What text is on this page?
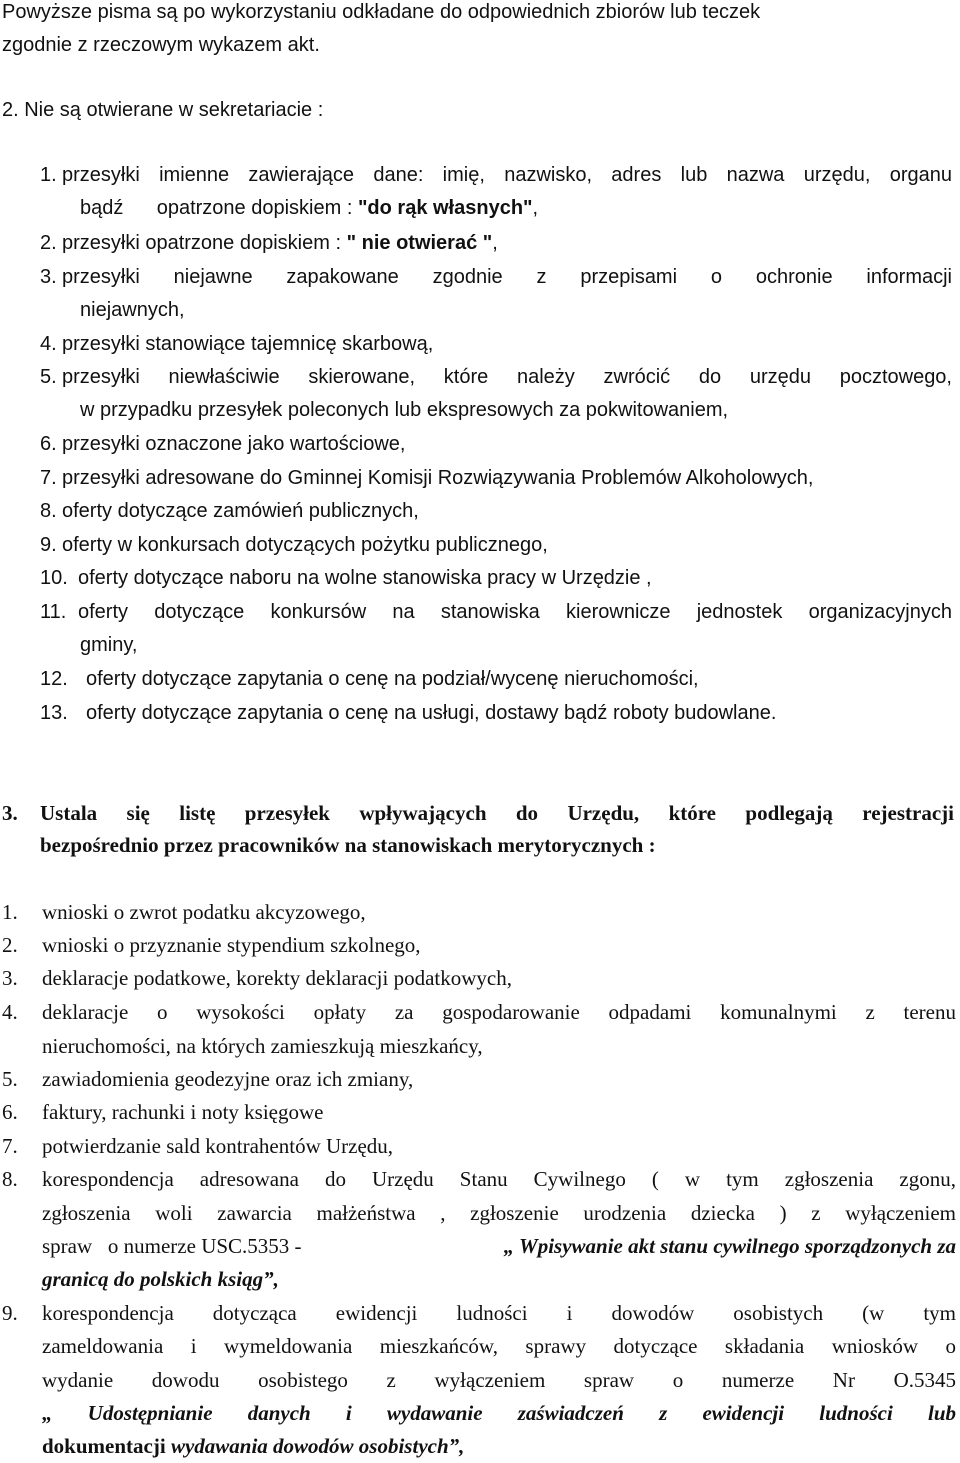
Powyższe pisma są po wykorzystaniu odkładane do odpowiednich zbiorów lub teczek
zgodnie z rzeczowym wykazem akt.
2. Nie są otwierane w sekretariacie :
1. przesyłki imienne zawierające dane: imię, nazwisko, adres lub nazwa urzędu, organu
bądź      opatrzone dopiskiem : "do rąk własnych",
2. przesyłki opatrzone dopiskiem : " nie otwierać ",
3. przesyłki niejawne zapakowane zgodnie z przepisami o ochronie informacji
niejawnych,
4. przesyłki stanowiące tajemnicę skarbową,
5. przesyłki niewłaściwie skierowane, które należy zwrócić do urzędu pocztowego,
w przypadku przesyłek poleconych lub ekspresowych za pokwitowaniem,
6. przesyłki oznaczone jako wartościowe,
7. przesyłki adresowane do Gminnej Komisji Rozwiązywania Problemów Alkoholowych,
8. oferty dotyczące zamówień publicznych,
9. oferty w konkursach dotyczących pożytku publicznego,
10. oferty dotyczące naboru na wolne stanowiska pracy w Urzędzie ,
11. oferty dotyczące konkursów na stanowiska kierownicze jednostek organizacyjnych
gminy,
12. oferty dotyczące zapytania o cenę na podział/wycenę nieruchomości,
13. oferty dotyczące zapytania o cenę na usługi, dostawy bądź roboty budowlane.
3. Ustala się listę przesyłek wpływających do Urzędu, które podlegają rejestracji
bezpośrednio przez pracowników na stanowiskach merytorycznych :
1. wnioski o zwrot podatku akcyzowego,
2. wnioski o przyznanie stypendium szkolnego,
3. deklaracje podatkowe, korekty deklaracji podatkowych,
4. deklaracje o wysokości opłaty za gospodarowanie odpadami komunalnymi z terenu
nieruchomości, na których zamieszkują mieszkańcy,
5. zawiadomienia geodezyjne oraz ich zmiany,
6. faktury, rachunki i noty księgowe
7. potwierdzanie sald kontrahentów Urzędu,
8. korespondencja adresowana do Urzędu Stanu Cywilnego ( w tym zgłoszenia zgonu,
zgłoszenia woli zawarcia małżeństwa , zgłoszenie urodzenia dziecka ) z wyłączeniem
spraw   o numerze USC.5353 -	„ Wpisywanie akt stanu cywilnego sporządzonych za
granicą do polskich ksiąg”,
9. korespondencja dotycząca ewidencji ludności i dowodów osobistych (w tym
zameldowania i wymeldowania mieszkańców, sprawy dotyczące składania wniosków o
wydanie dowodu osobistego z wyłączeniem spraw o numerze Nr O.5345
„ Udostępnianie danych i wydawanie zaświadczeń z ewidencji ludności lub
dokumentacji wydawania dowodów osobistych”,
